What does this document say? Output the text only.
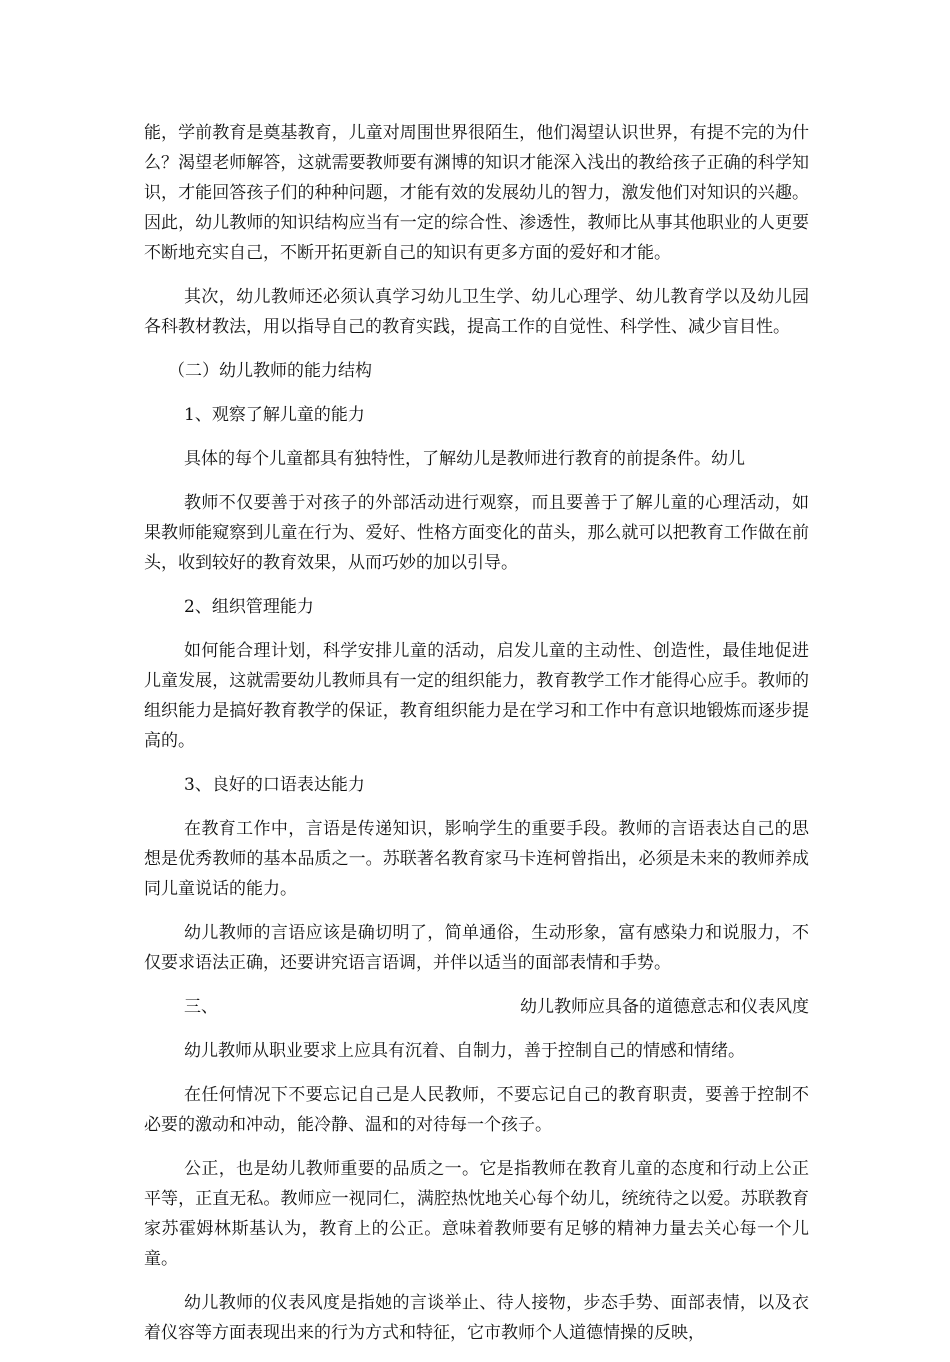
能，学前教育是奠基教育，儿童对周围世界很陌生，他们渴望认识世界，有提不完的为什么？渴望老师解答，这就需要教师要有渊博的知识才能深入浅出的教给孩子正确的科学知识，才能回答孩子们的种种问题，才能有效的发展幼儿的智力，激发他们对知识的兴趣。因此，幼儿教师的知识结构应当有一定的综合性、渗透性，教师比从事其他职业的人更要不断地充实自己，不断开拓更新自己的知识有更多方面的爱好和才能。

其次，幼儿教师还必须认真学习幼儿卫生学、幼儿心理学、幼儿教育学以及幼儿园各科教材教法，用以指导自己的教育实践，提高工作的自觉性、科学性、减少盲目性。

（二）幼儿教师的能力结构
1、观察了解儿童的能力

具体的每个儿童都具有独特性，了解幼儿是教师进行教育的前提条件。幼儿

教师不仅要善于对孩子的外部活动进行观察，而且要善于了解儿童的心理活动，如果教师能窥察到儿童在行为、爱好、性格方面变化的苗头，那么就可以把教育工作做在前头，收到较好的教育效果，从而巧妙的加以引导。

2、组织管理能力

如何能合理计划，科学安排儿童的活动，启发儿童的主动性、创造性，最佳地促进儿童发展，这就需要幼儿教师具有一定的组织能力，教育教学工作才能得心应手。教师的组织能力是搞好教育教学的保证，教育组织能力是在学习和工作中有意识地锻炼而逐步提高的。

3、良好的口语表达能力

在教育工作中，言语是传递知识，影响学生的重要手段。教师的言语表达自己的思想是优秀教师的基本品质之一。苏联著名教育家马卡连柯曾指出，必须是未来的教师养成同儿童说话的能力。

幼儿教师的言语应该是确切明了，简单通俗，生动形象，富有感染力和说服力，不仅要求语法正确，还要讲究语言语调，并伴以适当的面部表情和手势。

三、	幼儿教师应具备的道德意志和仪表风度

幼儿教师从职业要求上应具有沉着、自制力，善于控制自己的情感和情绪。

在任何情况下不要忘记自己是人民教师，不要忘记自己的教育职责，要善于控制不必要的激动和冲动，能冷静、温和的对待每一个孩子。

公正，也是幼儿教师重要的品质之一。它是指教师在教育儿童的态度和行动上公正平等，正直无私。教师应一视同仁，满腔热忱地关心每个幼儿，统统待之以爱。苏联教育家苏霍姆林斯基认为，教育上的公正。意味着教师要有足够的精神力量去关心每一个儿童。

幼儿教师的仪表风度是指她的言谈举止、待人接物，步态手势、面部表情，以及衣着仪容等方面表现出来的行为方式和特征，它市教师个人道德情操的反映，
